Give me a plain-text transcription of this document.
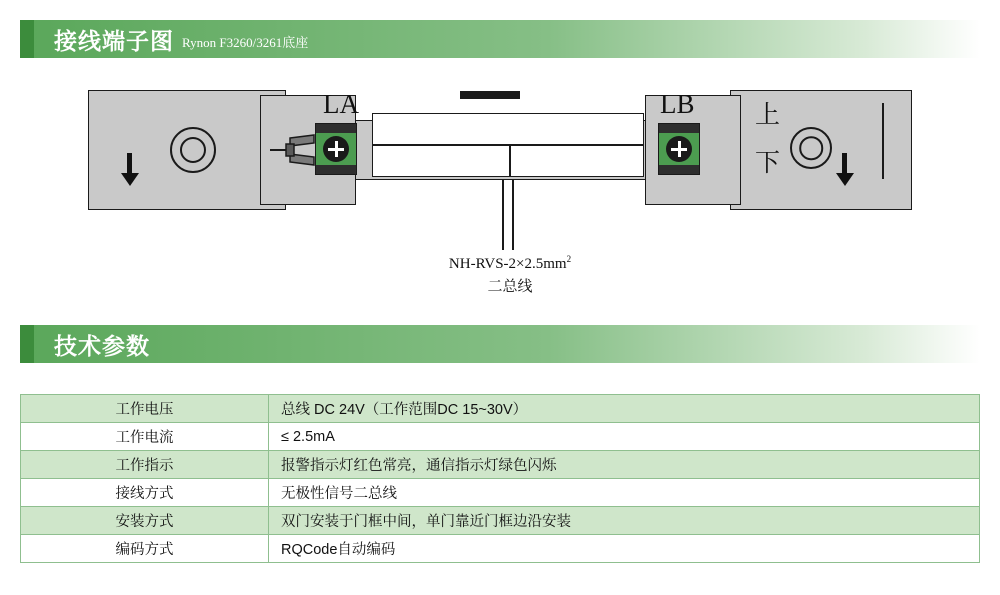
接线端子图 Rynon F3260/3261底座
LA	LB 上
下
$NH-RVS-2\times 2.5mm^2$
二总线
技术参数
工作电压	总线 DC 24V（工作范围DC 15~30V）
工作电流	≤ 2.5mA
工作指示	报警指示灯红色常亮，通信指示灯绿色闪烁
接线方式	无极性信号二总线
安装方式	双门安装于门框中间，单门靠近门框边沿安装
编码方式	RQCode自动编码
